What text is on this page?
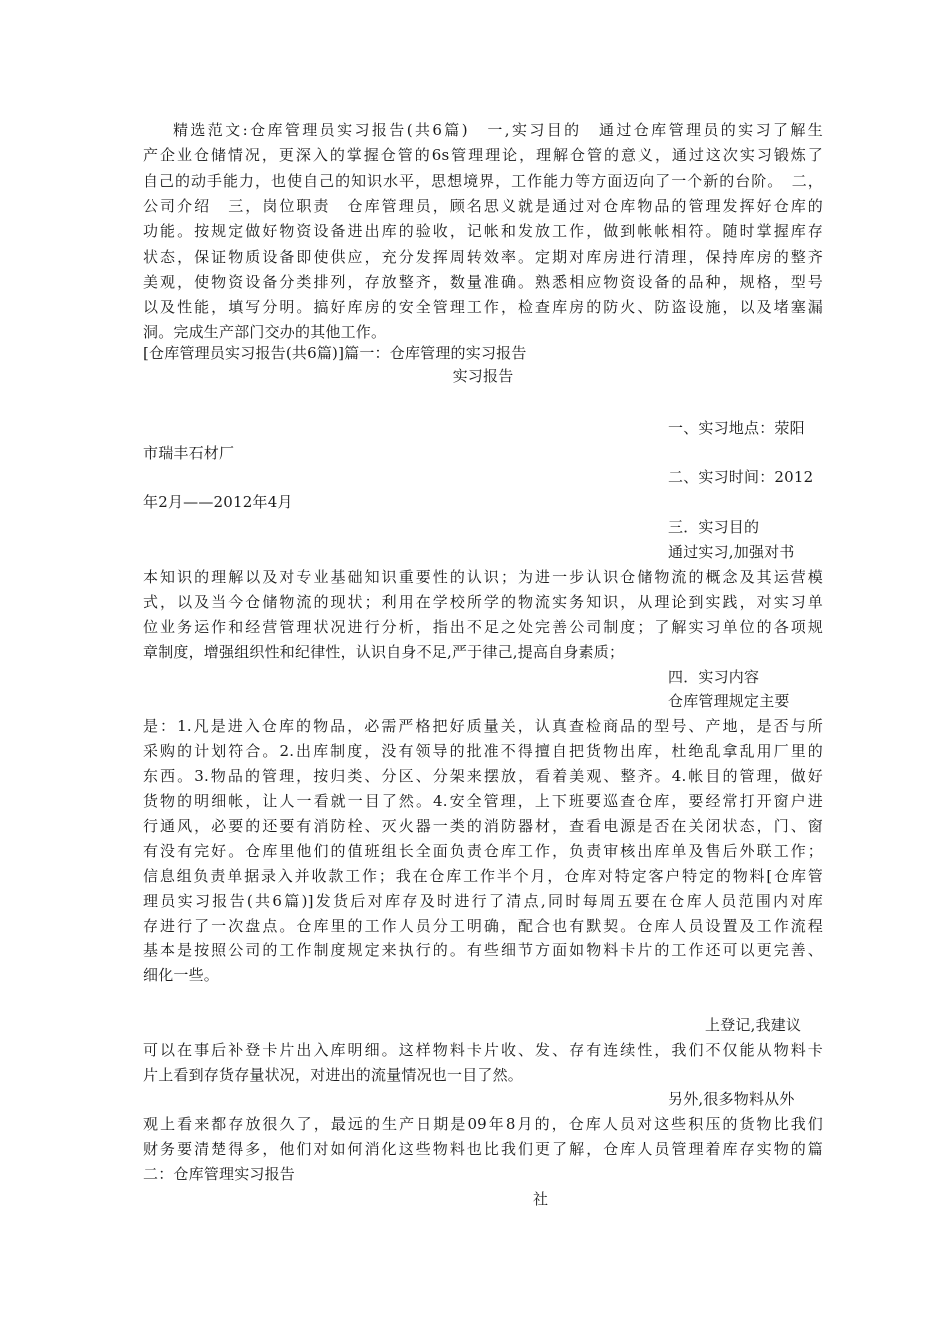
精选范文:仓库管理员实习报告(共6篇)　一,实习目的　通过仓库管理员的实习了解生
产企业仓储情况，更深入的掌握仓管的6s管理理论，理解仓管的意义，通过这次实习锻炼了
自己的动手能力，也使自己的知识水平，思想境界，工作能力等方面迈向了一个新的台阶。　二，
公司介绍　三，岗位职责　仓库管理员，顾名思义就是通过对仓库物品的管理发挥好仓库的
功能。按规定做好物资设备进出库的验收，记帐和发放工作，做到帐帐相符。随时掌握库存
状态，保证物质设备即使供应，充分发挥周转效率。定期对库房进行清理，保持库房的整齐
美观，使物资设备分类排列，存放整齐，数量准确。熟悉相应物资设备的品种，规格，型号
以及性能，填写分明。搞好库房的安全管理工作，检查库房的防火、防盗设施，以及堵塞漏
洞。完成生产部门交办的其他工作。
[仓库管理员实习报告(共6篇)]篇一：仓库管理的实习报告
实习报告
一、实习地点：荥阳
市瑞丰石材厂
二、实习时间：2012
年2月——2012年4月
三．实习目的
通过实习,加强对书
本知识的理解以及对专业基础知识重要性的认识；为进一步认识仓储物流的概念及其运营模
式，以及当今仓储物流的现状；利用在学校所学的物流实务知识，从理论到实践，对实习单
位业务运作和经营管理状况进行分析，指出不足之处完善公司制度；了解实习单位的各项规
章制度，增强组织性和纪律性，认识自身不足,严于律己,提高自身素质；
四．实习内容
仓库管理规定主要
是：1.凡是进入仓库的物品，必需严格把好质量关，认真查检商品的型号、产地，是否与所
采购的计划符合。2.出库制度，没有领导的批准不得擅自把货物出库，杜绝乱拿乱用厂里的
东西。3.物品的管理，按归类、分区、分架来摆放，看着美观、整齐。4.帐目的管理，做好
货物的明细帐，让人一看就一目了然。4.安全管理，上下班要巡查仓库，要经常打开窗户进
行通风，必要的还要有消防栓、灭火器一类的消防器材，查看电源是否在关闭状态，门、窗
有没有完好。仓库里他们的值班组长全面负责仓库工作，负责审核出库单及售后外联工作；
信息组负责单据录入并收款工作；我在仓库工作半个月，仓库对特定客户特定的物料[仓库管
理员实习报告(共6篇)]发货后对库存及时进行了清点,同时每周五要在仓库人员范围内对库
存进行了一次盘点。仓库里的工作人员分工明确，配合也有默契。仓库人员设置及工作流程
基本是按照公司的工作制度规定来执行的。有些细节方面如物料卡片的工作还可以更完善、
细化一些。
上登记,我建议
可以在事后补登卡片出入库明细。这样物料卡片收、发、存有连续性，我们不仅能从物料卡
片上看到存货存量状况，对进出的流量情况也一目了然。
另外,很多物料从外
观上看来都存放很久了，最远的生产日期是09年8月的，仓库人员对这些积压的货物比我们
财务要清楚得多，他们对如何消化这些物料也比我们更了解，仓库人员管理着库存实物的篇
二：仓库管理实习报告
社
